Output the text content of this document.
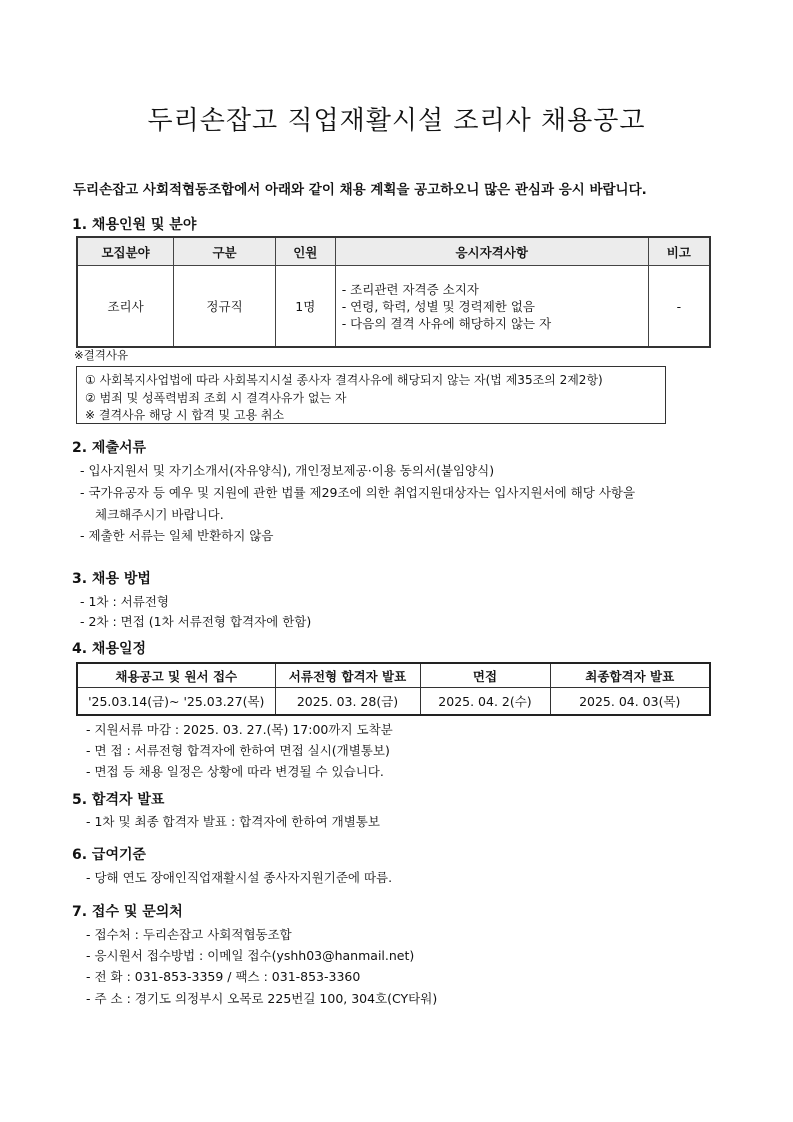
두리손잡고 직업재활시설 조리사 채용공고
두리손잡고 사회적협동조합에서 아래와 같이 채용 계획을 공고하오니 많은 관심과 응시 바랍니다.
1. 채용인원 및 분야
모집분야	구분	인원	응시자격사항	비고
조리사	정규직	1명	- 조리관련 자격증 소지자
- 연령, 학력, 성별 및 경력제한 없음
- 다음의 결격 사유에 해당하지 않는 자	-
※결격사유
① 사회복지사업법에 따라 사회복지시설 종사자 결격사유에 해당되지 않는 자(법 제35조의 2제2항)
② 범죄 및 성폭력범죄 조회 시 결격사유가 없는 자
※ 결격사유 해당 시 합격 및 고용 취소
2. 제출서류
- 입사지원서 및 자기소개서(자유양식), 개인정보제공·이용 동의서(붙임양식)
- 국가유공자 등 예우 및 지원에 관한 법률 제29조에 의한 취업지원대상자는 입사지원서에 해당 사항을
체크해주시기 바랍니다.
- 제출한 서류는 일체 반환하지 않음
3. 채용 방법
- 1차 : 서류전형
- 2차 : 면접 (1차 서류전형 합격자에 한함)
4. 채용일정
채용공고 및 원서 접수	서류전형 합격자 발표	면접	최종합격자 발표
'25.03.14(금)~ '25.03.27(목)	2025. 03. 28(금)	2025. 04. 2(수)	2025. 04. 03(목)
- 지원서류 마감 : 2025. 03. 27.(목) 17:00까지 도착분
- 면 접 : 서류전형 합격자에 한하여 면접 실시(개별통보)
- 면접 등 채용 일정은 상황에 따라 변경될 수 있습니다.
5. 합격자 발표
- 1차 및 최종 합격자 발표 : 합격자에 한하여 개별통보
6. 급여기준
- 당해 연도 장애인직업재활시설 종사자지원기준에 따름.
7. 접수 및 문의처
- 접수처 : 두리손잡고 사회적협동조합
- 응시원서 접수방법 : 이메일 접수(yshh03@hanmail.net)
- 전 화 : 031-853-3359 / 팩스 : 031-853-3360
- 주 소 : 경기도 의정부시 오목로 225번길 100, 304호(CY타워)
